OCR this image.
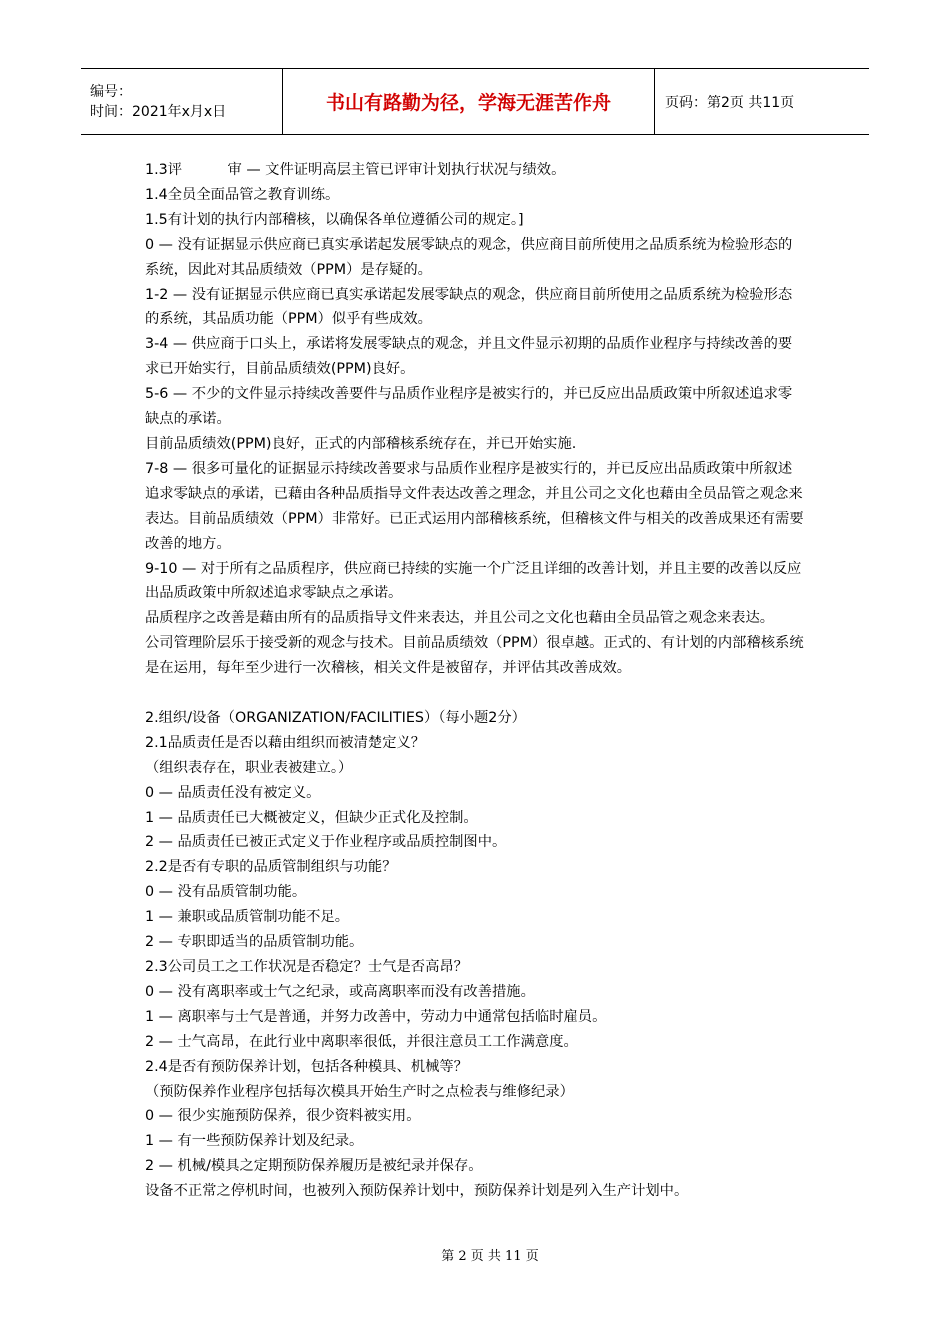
编号：
时间：2021年x月x日	书山有路勤为径，学海无涯苦作舟	页码：第2页 共11页

1.3评          审 — 文件证明高层主管已评审计划执行状况与绩效。

1.4全员全面品管之教育训练。

1.5有计划的执行内部稽核，以确保各单位遵循公司的规定。]

0 — 没有证据显示供应商已真实承诺起发展零缺点的观念，供应商目前所使用之品质系统为检验形态的系统，因此对其品质绩效（PPM）是存疑的。

1-2 — 没有证据显示供应商已真实承诺起发展零缺点的观念，供应商目前所使用之品质系统为检验形态的系统，其品质功能（PPM）似乎有些成效。

3-4 — 供应商于口头上，承诺将发展零缺点的观念，并且文件显示初期的品质作业程序与持续改善的要求已开始实行，目前品质绩效(PPM)良好。

5-6 — 不少的文件显示持续改善要件与品质作业程序是被实行的，并已反应出品质政策中所叙述追求零缺点的承诺。

目前品质绩效(PPM)良好，正式的内部稽核系统存在，并已开始实施.

7-8 — 很多可量化的证据显示持续改善要求与品质作业程序是被实行的，并已反应出品质政策中所叙述追求零缺点的承诺，已藉由各种品质指导文件表达改善之理念，并且公司之文化也藉由全员品管之观念来表达。目前品质绩效（PPM）非常好。已正式运用内部稽核系统，但稽核文件与相关的改善成果还有需要改善的地方。

9-10 — 对于所有之品质程序，供应商已持续的实施一个广泛且详细的改善计划，并且主要的改善以反应出品质政策中所叙述追求零缺点之承诺。

品质程序之改善是藉由所有的品质指导文件来表达，并且公司之文化也藉由全员品管之观念来表达。

公司管理阶层乐于接受新的观念与技术。目前品质绩效（PPM）很卓越。正式的、有计划的内部稽核系统是在运用，每年至少进行一次稽核，相关文件是被留存，并评估其改善成效。

2.组织/设备（ORGANIZATION/FACILITIES）（每小题2分）

2.1品质责任是否以藉由组织而被清楚定义？

（组织表存在，职业表被建立。）

0 — 品质责任没有被定义。

1 — 品质责任已大概被定义，但缺少正式化及控制。

2 — 品质责任已被正式定义于作业程序或品质控制图中。

2.2是否有专职的品质管制组织与功能？

0 — 没有品质管制功能。

1 — 兼职或品质管制功能不足。

2 — 专职即适当的品质管制功能。

2.3公司员工之工作状况是否稳定？士气是否高昂？

0 — 没有离职率或士气之纪录，或高离职率而没有改善措施。

1 — 离职率与士气是普通，并努力改善中，劳动力中通常包括临时雇员。

2 — 士气高昂，在此行业中离职率很低，并很注意员工工作满意度。

2.4是否有预防保养计划，包括各种模具、机械等？

（预防保养作业程序包括每次模具开始生产时之点检表与维修纪录）

0 — 很少实施预防保养，很少资料被实用。

1 — 有一些预防保养计划及纪录。

2 — 机械/模具之定期预防保养履历是被纪录并保存。

设备不正常之停机时间，也被列入预防保养计划中，预防保养计划是列入生产计划中。

第 2 页 共 11 页
